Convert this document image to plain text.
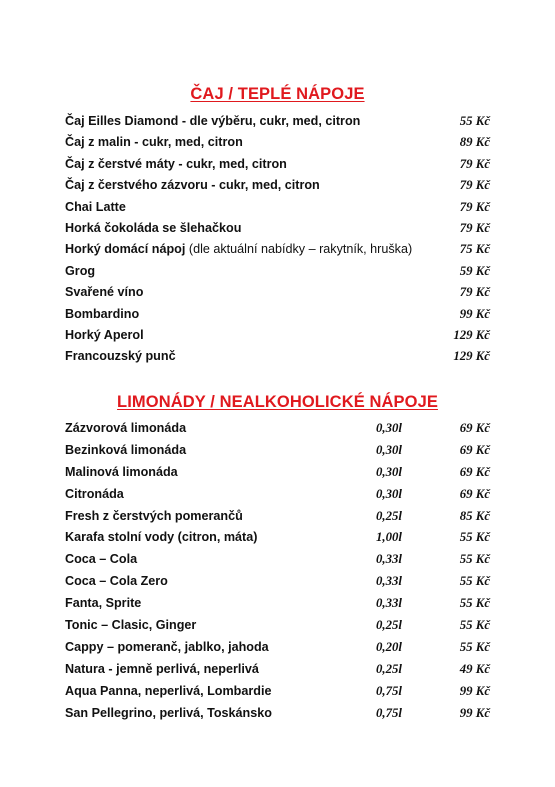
ČAJ / TEPLÉ NÁPOJE
Čaj Eilles Diamond - dle výběru, cukr, med, citron	55 Kč
Čaj z malin - cukr, med, citron	89 Kč
Čaj z čerstvé máty - cukr, med, citron	79 Kč
Čaj z čerstvého zázvoru - cukr, med, citron	79 Kč
Chai Latte	79 Kč
Horká čokoláda se šlehačkou	79 Kč
Horký domácí nápoj (dle aktuální nabídky – rakytník, hruška)	75 Kč
Grog	59 Kč
Svařené víno	79 Kč
Bombardino	99 Kč
Horký Aperol	129 Kč
Francouzský punč	129 Kč
LIMONÁDY / NEALKOHOLICKÉ NÁPOJE
Zázvorová limonáda	0,30l	69 Kč
Bezinková limonáda	0,30l	69 Kč
Malinová limonáda	0,30l	69 Kč
Citronáda	0,30l	69 Kč
Fresh z čerstvých pomerančů	0,25l	85 Kč
Karafa stolní vody (citron, máta)	1,00l	55 Kč
Coca – Cola	0,33l	55 Kč
Coca – Cola Zero	0,33l	55 Kč
Fanta, Sprite	0,33l	55 Kč
Tonic – Clasic, Ginger	0,25l	55 Kč
Cappy – pomeranč, jablko, jahoda	0,20l	55 Kč
Natura - jemně perlivá, neperlivá	0,25l	49 Kč
Aqua Panna, neperlivá, Lombardie	0,75l	99 Kč
San Pellegrino, perlivá, Toskánsko	0,75l	99 Kč
